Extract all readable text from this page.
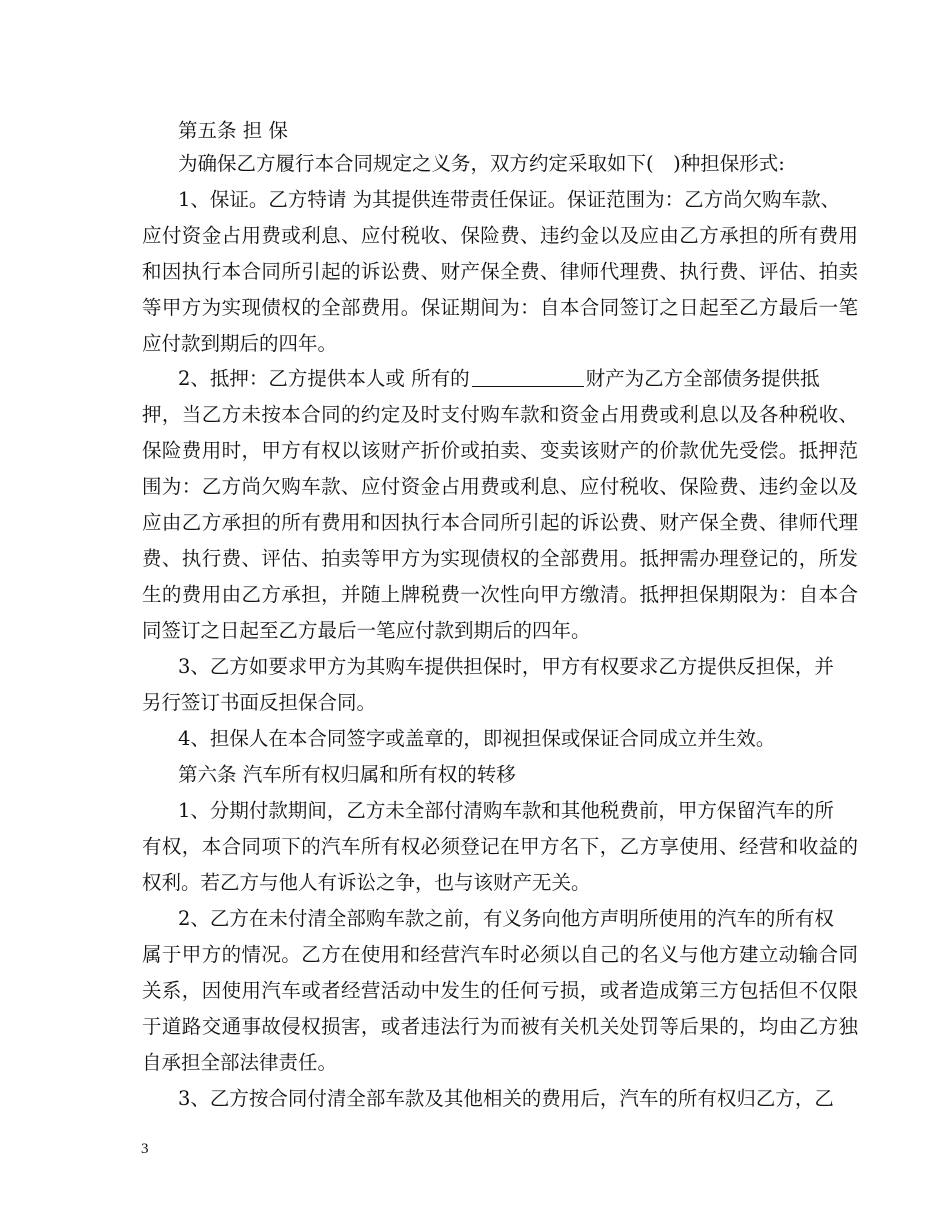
第五条 担 保
为确保乙方履行本合同规定之义务，双方约定采取如下(　)种担保形式:
1、保证。乙方特请 为其提供连带责任保证。保证范围为：乙方尚欠购车款、
应付资金占用费或利息、应付税收、保险费、违约金以及应由乙方承担的所有费用
和因执行本合同所引起的诉讼费、财产保全费、律师代理费、执行费、评估、拍卖
等甲方为实现债权的全部费用。保证期间为：自本合同签订之日起至乙方最后一笔
应付款到期后的四年。
2、抵押：乙方提供本人或 所有的	财产为乙方全部债务提供抵
押，当乙方未按本合同的约定及时支付购车款和资金占用费或利息以及各种税收、
保险费用时，甲方有权以该财产折价或拍卖、变卖该财产的价款优先受偿。抵押范
围为：乙方尚欠购车款、应付资金占用费或利息、应付税收、保险费、违约金以及
应由乙方承担的所有费用和因执行本合同所引起的诉讼费、财产保全费、律师代理
费、执行费、评估、拍卖等甲方为实现债权的全部费用。抵押需办理登记的，所发
生的费用由乙方承担，并随上牌税费一次性向甲方缴清。抵押担保期限为：自本合
同签订之日起至乙方最后一笔应付款到期后的四年。
3、乙方如要求甲方为其购车提供担保时，甲方有权要求乙方提供反担保，并
另行签订书面反担保合同。
4、担保人在本合同签字或盖章的，即视担保或保证合同成立并生效。
第六条 汽车所有权归属和所有权的转移
1、分期付款期间，乙方未全部付清购车款和其他税费前，甲方保留汽车的所
有权，本合同项下的汽车所有权必须登记在甲方名下，乙方享使用、经营和收益的
权利。若乙方与他人有诉讼之争，也与该财产无关。
2、乙方在未付清全部购车款之前，有义务向他方声明所使用的汽车的所有权
属于甲方的情况。乙方在使用和经营汽车时必须以自己的名义与他方建立动输合同
关系，因使用汽车或者经营活动中发生的任何亏损，或者造成第三方包括但不仅限
于道路交通事故侵权损害，或者违法行为而被有关机关处罚等后果的，均由乙方独
自承担全部法律责任。
3、乙方按合同付清全部车款及其他相关的费用后，汽车的所有权归乙方，乙
3
